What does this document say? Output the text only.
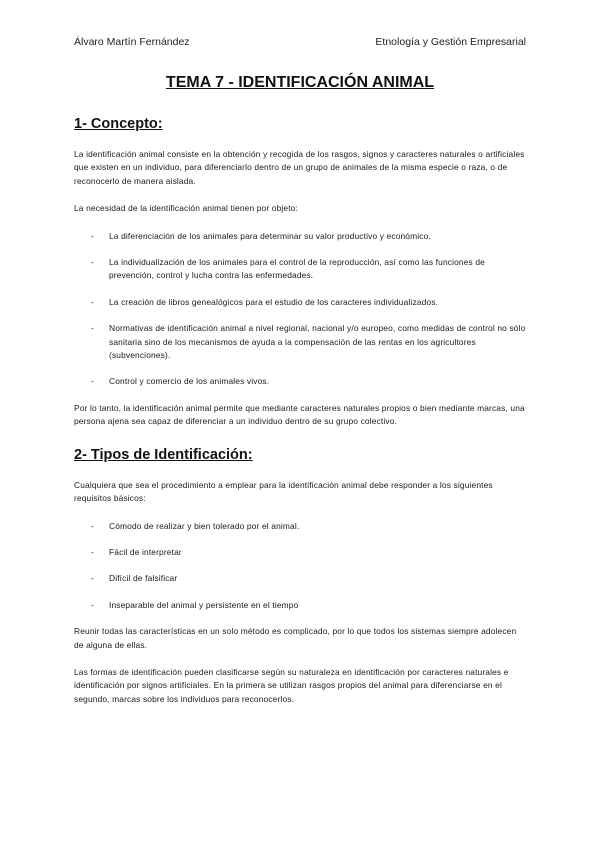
Álvaro Martín Fernández	Etnología y Gestión Empresarial
TEMA 7 - IDENTIFICACIÓN ANIMAL
1- Concepto:

La identificación animal consiste en la obtención y recogida de los rasgos, signos y caracteres naturales o artificiales que existen en un individuo, para diferenciarlo dentro de un grupo de animales de la misma especie o raza, o de reconocerlo de manera aislada.

La necesidad de la identificación animal tienen por objeto:

- La diferenciación de los animales para determinar su valor productivo y económico.
- La individualización de los animales para el control de la reproducción, así como las funciones de prevención, control y lucha contra las enfermedades.
- La creación de libros genealógicos para el estudio de los caracteres individualizados.
- Normativas de identificación animal a nivel regional, nacional y/o europeo, como medidas de control no sólo sanitaria sino de los mecanismos de ayuda a la compensación de las rentas en los agricultores (subvenciones).
- Control y comercio de los animales vivos.

Por lo tanto, la identificación animal permite que mediante caracteres naturales propios o bien mediante marcas, una persona ajena sea capaz de diferenciar a un individuo dentro de su grupo colectivo.

2- Tipos de Identificación:

Cualquiera que sea el procedimiento a emplear para la identificación animal debe responder a los siguientes requisitos básicos:

- Cómodo de realizar y bien tolerado por el animal.
- Fácil de interpretar
- Difícil de falsificar
- Inseparable del animal y persistente en el tiempo

Reunir todas las características en un solo método es complicado, por lo que todos los sistemas siempre adolecen de alguna de ellas.

Las formas de identificación pueden clasificarse según su naturaleza en identificación por caracteres naturales e identificación por signos artificiales. En la primera se utilizan rasgos propios del animal para diferenciarse en el segundo, marcas sobre los individuos para reconocerlos.
